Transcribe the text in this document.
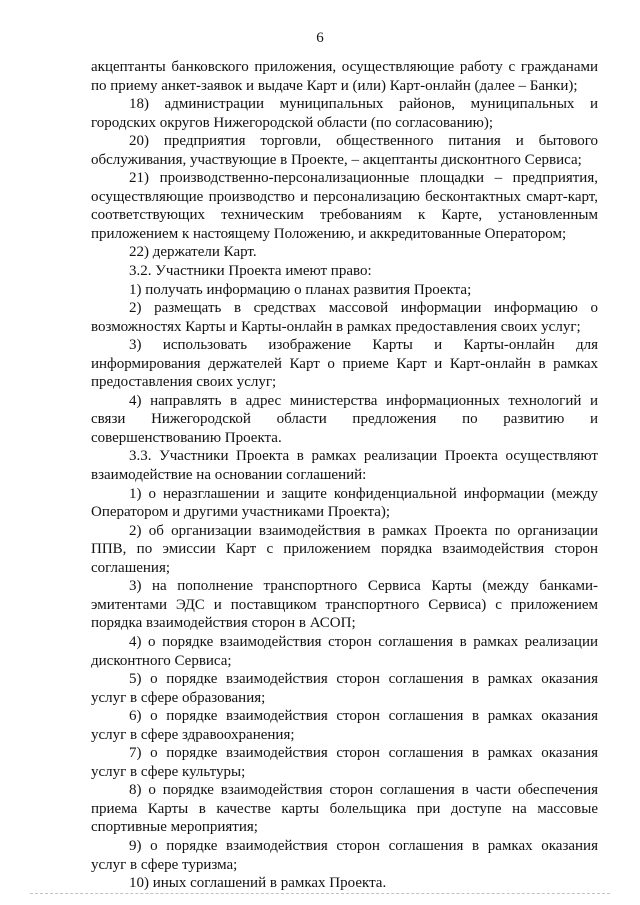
6

акцептанты банковского приложения, осуществляющие работу с гражданами по приему анкет-заявок и выдаче Карт и (или) Карт-онлайн (далее – Банки);

18) администрации муниципальных районов, муниципальных и городских округов Нижегородской области (по согласованию);

20) предприятия торговли, общественного питания и бытового обслуживания, участвующие в Проекте, – акцептанты дисконтного Сервиса;

21) производственно-персонализационные площадки – предприятия, осуществляющие производство и персонализацию бесконтактных смарт-карт, соответствующих техническим требованиям к Карте, установленным приложением к настоящему Положению, и аккредитованные Оператором;

22) держатели Карт.

3.2. Участники Проекта имеют право:

1) получать информацию о планах развития Проекта;

2) размещать в средствах массовой информации информацию о возможностях Карты и Карты-онлайн в рамках предоставления своих услуг;

3) использовать изображение Карты и Карты-онлайн для информирования держателей Карт о приеме Карт и Карт-онлайн в рамках предоставления своих услуг;

4) направлять в адрес министерства информационных технологий и связи Нижегородской области предложения по развитию и совершенствованию Проекта.

3.3. Участники Проекта в рамках реализации Проекта осуществляют взаимодействие на основании соглашений:

1) о неразглашении и защите конфиденциальной информации (между Оператором и другими участниками Проекта);

2) об организации взаимодействия в рамках Проекта по организации ППВ, по эмиссии Карт с приложением порядка взаимодействия сторон соглашения;

3) на пополнение транспортного Сервиса Карты (между банками-эмитентами ЭДС и поставщиком транспортного Сервиса) с приложением порядка взаимодействия сторон в АСОП;

4) о порядке взаимодействия сторон соглашения в рамках реализации дисконтного Сервиса;

5) о порядке взаимодействия сторон соглашения в рамках оказания услуг в сфере образования;

6) о порядке взаимодействия сторон соглашения в рамках оказания услуг в сфере здравоохранения;

7) о порядке взаимодействия сторон соглашения в рамках оказания услуг в сфере культуры;

8) о порядке взаимодействия сторон соглашения в части обеспечения приема Карты в качестве карты болельщика при доступе на массовые спортивные мероприятия;

9) о порядке взаимодействия сторон соглашения в рамках оказания услуг в сфере туризма;

10) иных соглашений в рамках Проекта.
